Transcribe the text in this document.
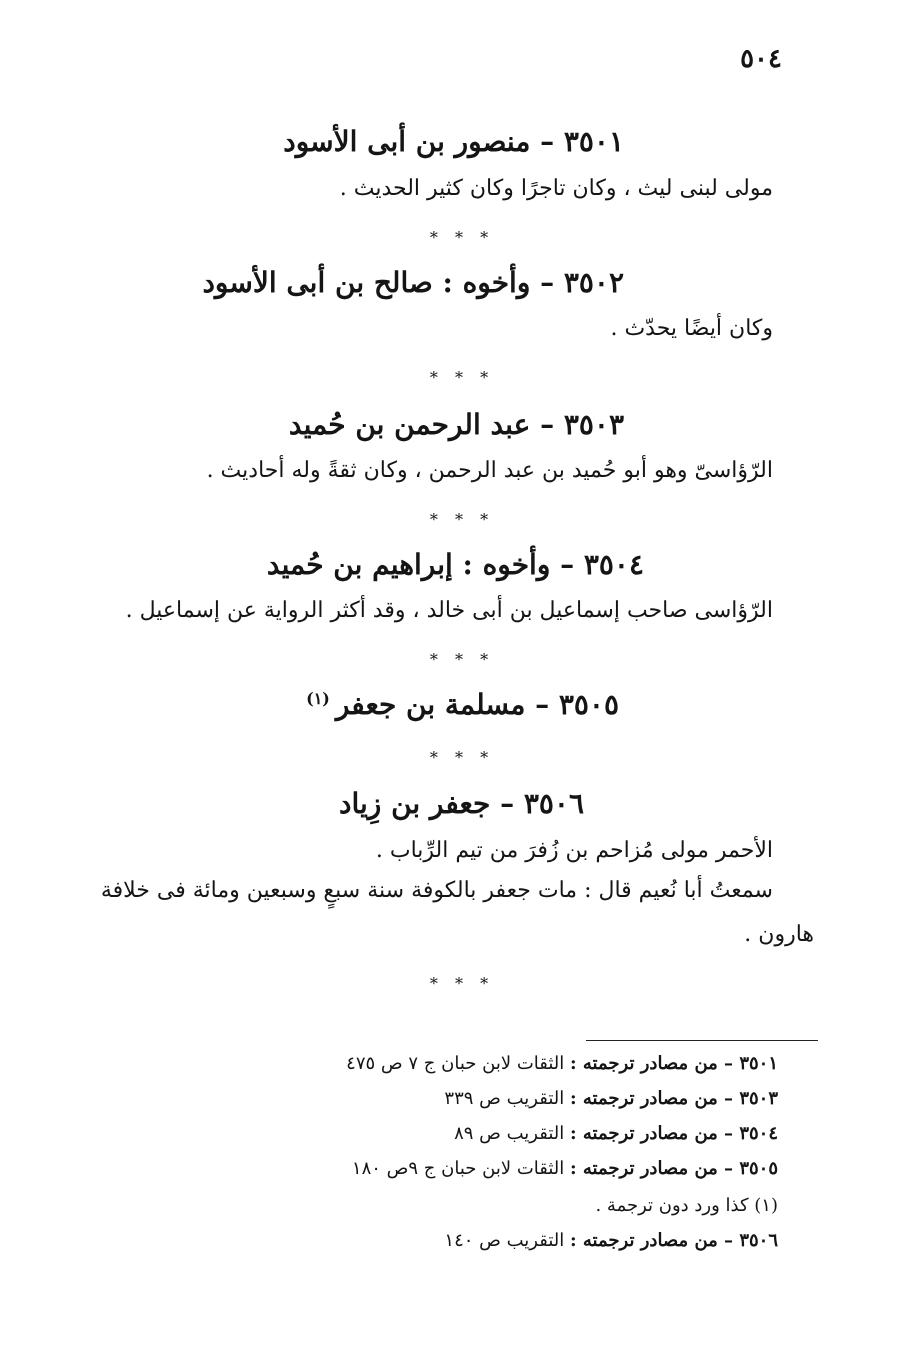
٥٠٤
٣٥٠١ – منصور بن أبى الأسود
مولى لبنى ليث ، وكان تاجرًا وكان كثير الحديث .
* * *
٣٥٠٢ – وأخوه : صالح بن أبى الأسود
وكان أيضًا يحدّث .
* * *
٣٥٠٣ – عبد الرحمن بن حُميد
الرّؤاسىّ وهو أبو حُميد بن عبد الرحمن ، وكان ثقةً وله أحاديث .
* * *
٣٥٠٤ – وأخوه : إبراهيم بن حُميد
الرّؤاسى صاحب إسماعيل بن أبى خالد ، وقد أكثر الرواية عن إسماعيل .
* * *
٣٥٠٥ – مسلمة بن جعفر$^{(١)}$
* * *
٣٥٠٦ – جعفر بن زِياد
الأحمر مولى مُزاحم بن زُفرَ من تيم الرِّباب .
سمعتُ أبا نُعيم قال : مات جعفر بالكوفة سنة سبعٍ وسبعين ومائة فى خلافة
هارون .
* * *
٣٥٠١ – من مصادر ترجمته : الثقات لابن حبان ج ٧ ص ٤٧٥
٣٥٠٣ – من مصادر ترجمته : التقريب ص ٣٣٩
٣٥٠٤ – من مصادر ترجمته : التقريب ص ٨٩
٣٥٠٥ – من مصادر ترجمته : الثقات لابن حبان ج ٩ص ١٨٠
(١) كذا ورد دون ترجمة .
٣٥٠٦ – من مصادر ترجمته : التقريب ص ١٤٠
